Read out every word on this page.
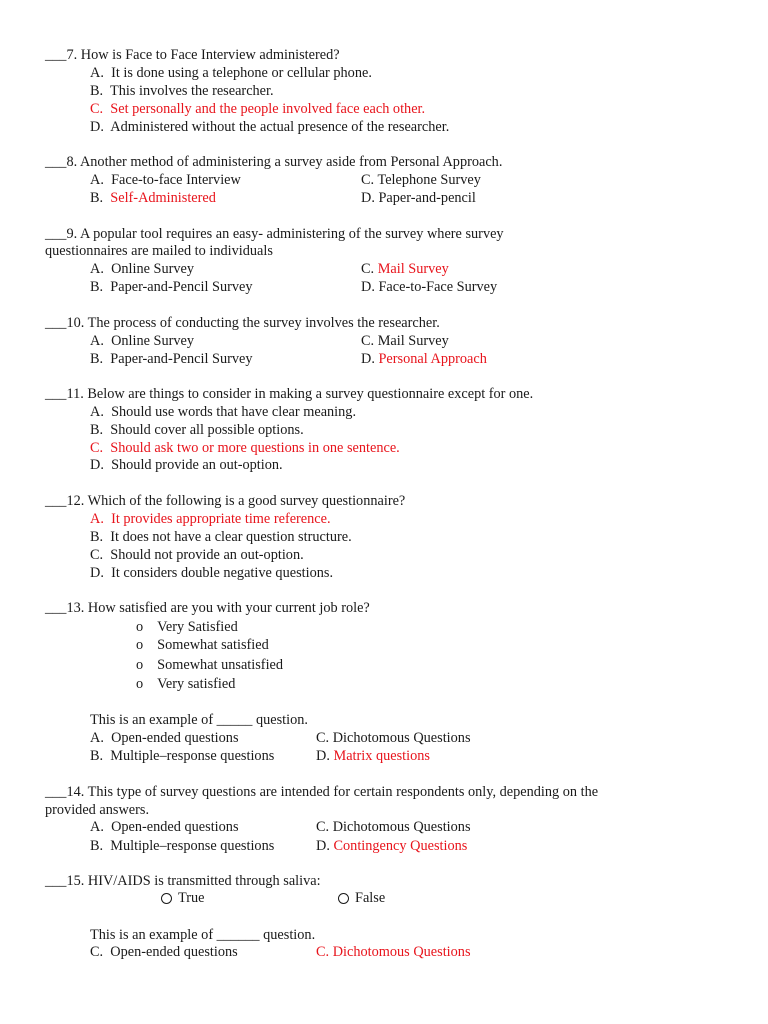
___7. How is Face to Face Interview administered?
A. It is done using a telephone or cellular phone.
B. This involves the researcher.
C. Set personally and the people involved face each other.
D. Administered without the actual presence of the researcher.
___8. Another method of administering a survey aside from Personal Approach.
A. Face-to-face Interview	C. Telephone Survey
B. Self-Administered	D. Paper-and-pencil
___9. A popular tool requires an easy- administering of the survey where survey
questionnaires are mailed to individuals
A. Online Survey	C. Mail Survey
B. Paper-and-Pencil Survey	D. Face-to-Face Survey
___10. The process of conducting the survey involves the researcher.
A. Online Survey	C. Mail Survey
B. Paper-and-Pencil Survey	D. Personal Approach
___11. Below are things to consider in making a survey questionnaire except for one.
A. Should use words that have clear meaning.
B. Should cover all possible options.
C. Should ask two or more questions in one sentence.
D. Should provide an out-option.
___12. Which of the following is a good survey questionnaire?
A. It provides appropriate time reference.
B. It does not have a clear question structure.
C. Should not provide an out-option.
D. It considers double negative questions.
___13. How satisfied are you with your current job role?
o Very Satisfied
o Somewhat satisfied
o Somewhat unsatisfied
o Very satisfied
This is an example of _____ question.
A. Open-ended questions	C. Dichotomous Questions
B. Multiple–response questions	D. Matrix questions
___14. This type of survey questions are intended for certain respondents only, depending on the
provided answers.
A. Open-ended questions	C. Dichotomous Questions
B. Multiple–response questions	D. Contingency Questions
___15. HIV/AIDS is transmitted through saliva:
True	False
This is an example of ______ question.
C. Open-ended questions	C. Dichotomous Questions
